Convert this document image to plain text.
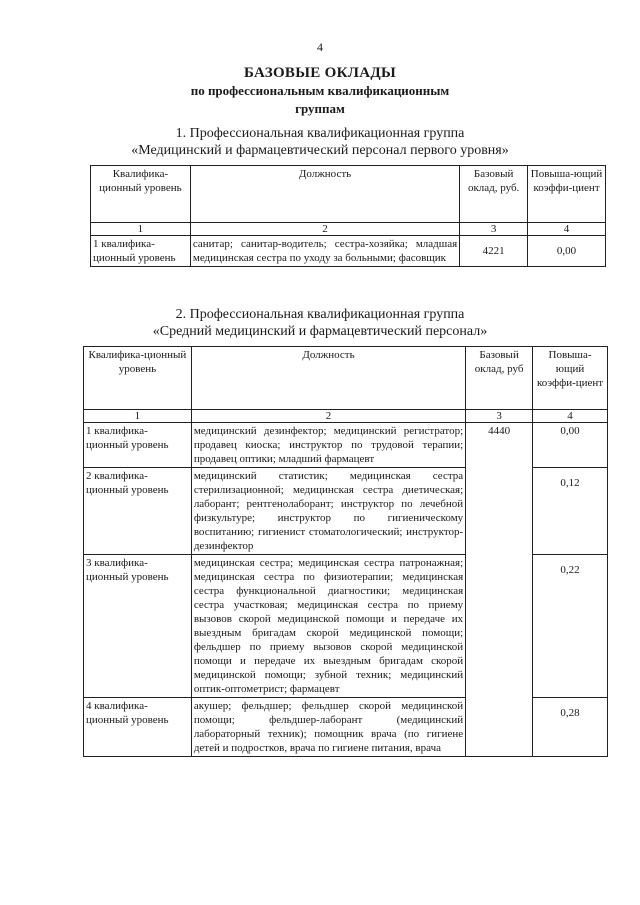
4
БАЗОВЫЕ ОКЛАДЫ
по профессиональным квалификационным
группам
1. Профессиональная квалификационная группа
«Медицинский и фармацевтический персонал первого уровня»
Квалифика-ционный уровень	Должность	Базовый оклад, руб.	Повыша-ющий коэффи-циент
1	2	3	4
1 квалифика-ционный уровень	санитар; санитар-водитель; сестра-хозяйка; младшая медицинская сестра по уходу за больными; фасовщик	4221	0,00
2. Профессиональная квалификационная группа
«Средний медицинский и фармацевтический персонал»
Квалифика-ционный уровень	Должность	Базовый оклад, руб	Повыша-ющий коэффи-циент
1	2	3	4
1 квалифика-ционный уровень	медицинский дезинфектор; медицинский регистратор; продавец киоска; инструктор по трудовой терапии; продавец оптики; младший фармацевт	4440	0,00
2 квалифика-ционный уровень	медицинский статистик; медицинская сестра стерилизационной; медицинская сестра диетическая; лаборант; рентгенолаборант; инструктор по лечебной физкультуре; инструктор по гигиеническому воспитанию; гигиенист стоматологический; инструктор-дезинфектор		0,12
3 квалифика-ционный уровень	медицинская сестра; медицинская сестра патронажная; медицинская сестра по физиотерапии; медицинская сестра функциональной диагностики; медицинская сестра участковая; медицинская сестра по приему вызовов скорой медицинской помощи и передаче их выездным бригадам скорой медицинской помощи; фельдшер по приему вызовов скорой медицинской помощи и передаче их выездным бригадам скорой медицинской помощи; зубной техник; медицинский оптик-оптометрист; фармацевт		0,22
4 квалифика-ционный уровень	акушер; фельдшер; фельдшер скорой медицинской помощи; фельдшер-лаборант (медицинский лабораторный техник); помощник врача (по гигиене детей и подростков, врача по гигиене питания, врача		0,28
